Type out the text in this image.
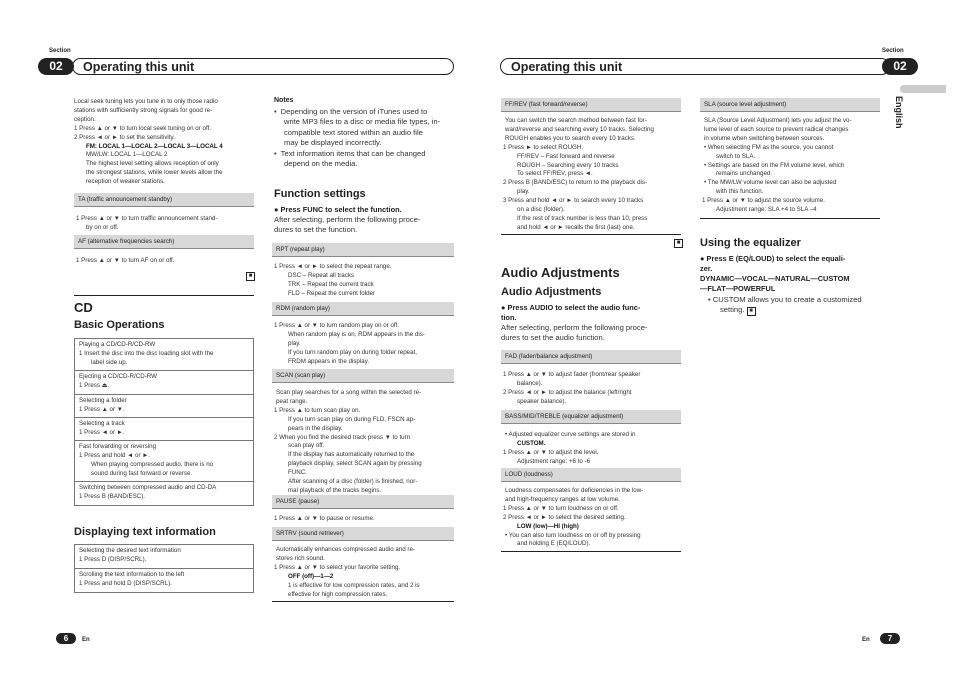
Section
02	Operating this unit
Local seek tuning lets you tune in to only those radio
stations with sufficiently strong signals for good re-
ception.
1 Press ▲ or ▼ to turn local seek tuning on or off.
2 Press ◄ or ► to set the sensitivity.
FM: LOCAL 1—LOCAL 2—LOCAL 3—LOCAL 4
MW/LW: LOCAL 1—LOCAL 2
The highest level setting allows reception of only
the strongest stations, while lower levels allow the
reception of weaker stations.
TA (traffic announcement standby)
1 Press ▲ or ▼ to turn traffic announcement stand-
by on or off.
AF (alternative frequencies search)
1 Press ▲ or ▼ to turn AF on or off.
■
CD
Basic Operations
Playing a CD/CD-R/CD-RW
1 Insert the disc into the disc loading slot with the
label side up.
Ejecting a CD/CD-R/CD-RW
1 Press ⏏.
Selecting a folder
1 Press ▲ or ▼.
Selecting a track
1 Press ◄ or ►.
Fast forwarding or reversing
1 Press and hold ◄ or ►.
When playing compressed audio, there is no
sound during fast forward or reverse.
Switching between compressed audio and CD-DA
1 Press B (BAND/ESC).
Displaying text information
Selecting the desired text information
1 Press D (DISP/SCRL).
Scrolling the text information to the left
1 Press and hold D (DISP/SCRL).
Notes
• Depending on the version of iTunes used to
write MP3 files to a disc or media file types, in-
compatible text stored within an audio file
may be displayed incorrectly.
• Text information items that can be changed
depend on the media.
Function settings
● Press FUNC to select the function.
After selecting, perform the following proce-
dures to set the function.
RPT (repeat play)
1 Press ◄ or ► to select the repeat range.
DSC – Repeat all tracks
TRK – Repeat the current track
FLD – Repeat the current folder
RDM (random play)
1 Press ▲ or ▼ to turn random play on or off.
When random play is on, RDM appears in the dis-
play.
If you turn random play on during folder repeat,
FRDM appears in the display.
SCAN (scan play)
Scan play searches for a song within the selected re-
peat range.
1 Press ▲ to turn scan play on.
If you turn scan play on during FLD, FSCN ap-
pears in the display.
2 When you find the desired track press ▼ to turn
scan play off.
If the display has automatically returned to the
playback display, select SCAN again by pressing
FUNC.
After scanning of a disc (folder) is finished, nor-
mal playback of the tracks begins.
PAUSE (pause)
1 Press ▲ or ▼ to pause or resume.
SRTRV (sound retriever)
Automatically enhances compressed audio and re-
stores rich sound.
1 Press ▲ or ▼ to select your favorite setting.
OFF (off)—1—2
1 is effective for low compression rates, and 2 is
effective for high compression rates.
6	En
Operating this unit
Section
02
English
FF/REV (fast forward/reverse)
You can switch the search method between fast for-
ward/reverse and searching every 10 tracks. Selecting
ROUGH enables you to search every 10 tracks.
1 Press ► to select ROUGH.
FF/REV – Fast forward and reverse
ROUGH – Searching every 10 tracks
To select FF/REV, press ◄.
2 Press B (BAND/ESC) to return to the playback dis-
play.
3 Press and hold ◄ or ► to search every 10 tracks
on a disc (folder).
If the rest of track number is less than 10, press
and hold ◄ or ► recalls the first (last) one.
■
Audio Adjustments
Audio Adjustments
● Press AUDIO to select the audio func-
tion.
After selecting, perform the following proce-
dures to set the audio function.
FAD (fader/balance adjustment)
1 Press ▲ or ▼ to adjust fader (front/rear speaker
balance).
2 Press ◄ or ► to adjust the balance (left/right
speaker balance).
BASS/MID/TREBLE (equalizer adjustment)
• Adjusted equalizer curve settings are stored in
CUSTOM.
1 Press ▲ or ▼ to adjust the level.
Adjustment range: +6 to -6
LOUD (loudness)
Loudness compensates for deficiencies in the low-
and high-frequency ranges at low volume.
1 Press ▲ or ▼ to turn loudness on or off.
2 Press ◄ or ► to select the desired setting.
LOW (low)—HI (high)
• You can also turn loudness on or off by pressing
and holding E (EQ/LOUD).
SLA (source level adjustment)
SLA (Source Level Adjustment) lets you adjust the vo-
lume level of each source to prevent radical changes
in volume when switching between sources.
• When selecting FM as the source, you cannot
switch to SLA.
• Settings are based on the FM volume level, which
remains unchanged.
• The MW/LW volume level can also be adjusted
with this function.
1 Press ▲ or ▼ to adjust the source volume.
Adjustment range: SLA +4 to SLA –4
Using the equalizer
● Press E (EQ/LOUD) to select the equali-
zer.
DYNAMIC—VOCAL—NATURAL—CUSTOM
—FLAT—POWERFUL
• CUSTOM allows you to create a customized
setting. ■
En	7
